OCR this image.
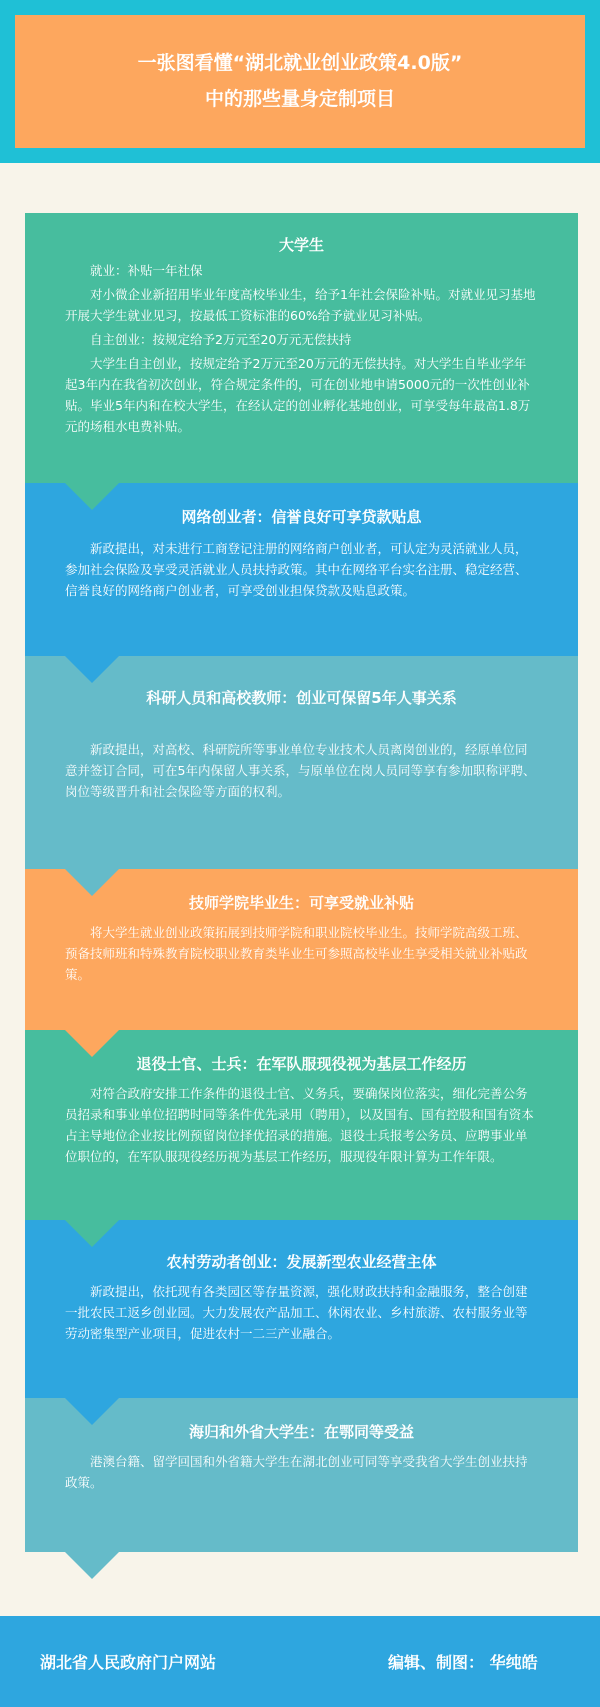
一张图看懂“湖北就业创业政策4.0版”
中的那些量身定制项目
大学生

就业：补贴一年社保

对小微企业新招用毕业年度高校毕业生，给予1年社会保险补贴。对就业见习基地开展大学生就业见习，按最低工资标准的60%给予就业见习补贴。

自主创业：按规定给予2万元至20万元无偿扶持

大学生自主创业，按规定给予2万元至20万元的无偿扶持。对大学生自毕业学年起3年内在我省初次创业，符合规定条件的，可在创业地申请5000元的一次性创业补贴。毕业5年内和在校大学生，在经认定的创业孵化基地创业，可享受每年最高1.8万元的场租水电费补贴。

网络创业者：信誉良好可享贷款贴息

新政提出，对未进行工商登记注册的网络商户创业者，可认定为灵活就业人员，参加社会保险及享受灵活就业人员扶持政策。其中在网络平台实名注册、稳定经营、信誉良好的网络商户创业者，可享受创业担保贷款及贴息政策。

科研人员和高校教师：创业可保留5年人事关系

新政提出，对高校、科研院所等事业单位专业技术人员离岗创业的，经原单位同意并签订合同，可在5年内保留人事关系，与原单位在岗人员同等享有参加职称评聘、岗位等级晋升和社会保险等方面的权利。

技师学院毕业生：可享受就业补贴

将大学生就业创业政策拓展到技师学院和职业院校毕业生。技师学院高级工班、预备技师班和特殊教育院校职业教育类毕业生可参照高校毕业生享受相关就业补贴政策。

退役士官、士兵：在军队服现役视为基层工作经历

对符合政府安排工作条件的退役士官、义务兵，要确保岗位落实，细化完善公务员招录和事业单位招聘时同等条件优先录用（聘用），以及国有、国有控股和国有资本占主导地位企业按比例预留岗位择优招录的措施。退役士兵报考公务员、应聘事业单位职位的，在军队服现役经历视为基层工作经历，服现役年限计算为工作年限。

农村劳动者创业：发展新型农业经营主体

新政提出，依托现有各类园区等存量资源，强化财政扶持和金融服务，整合创建一批农民工返乡创业园。大力发展农产品加工、休闲农业、乡村旅游、农村服务业等劳动密集型产业项目，促进农村一二三产业融合。

海归和外省大学生：在鄂同等受益

港澳台籍、留学回国和外省籍大学生在湖北创业可同等享受我省大学生创业扶持政策。

湖北省人民政府门户网站	编辑、制图： 华纯皓
